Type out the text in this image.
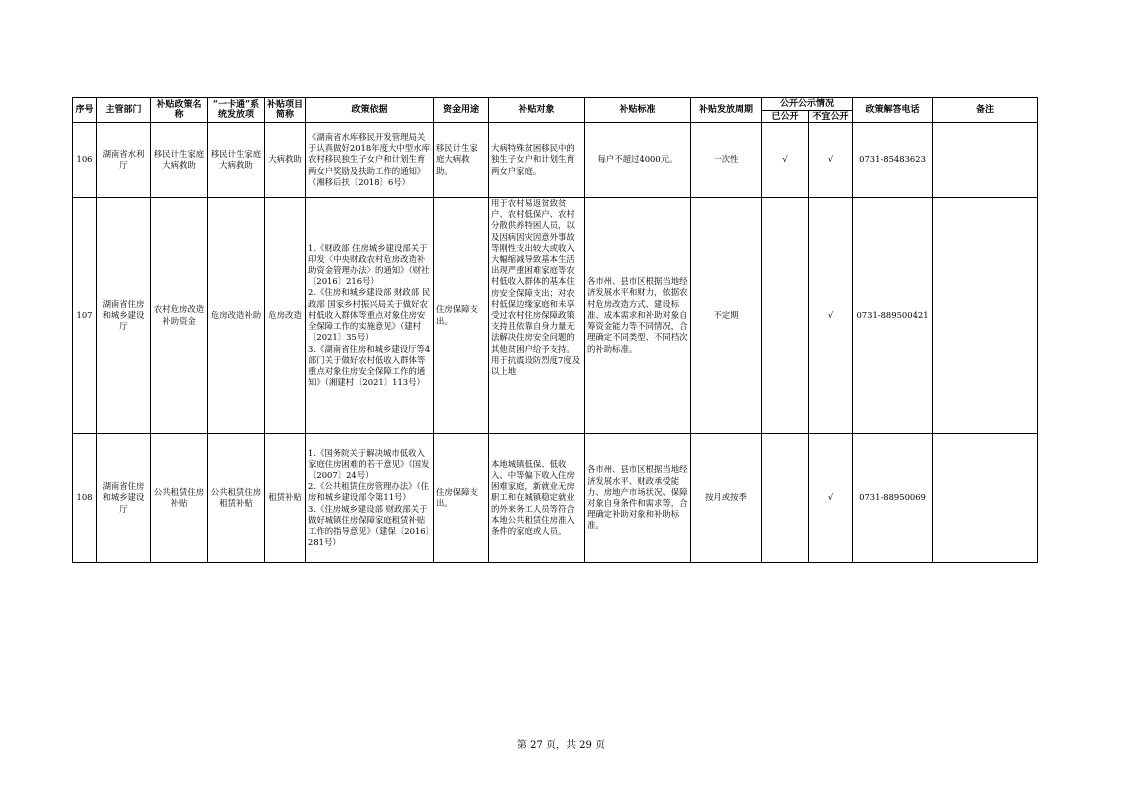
序号	主管部门	补贴政策名称	“一卡通”系统发放项	补贴项目简称	政策依据	资金用途	补贴对象	补贴标准	补贴发放周期	公开公示情况		政策解答电话	备注
										已公开	不宜公开		
106	湖南省水利厅	移民计生家庭大病救助	移民计生家庭大病救助	大病救助	《湖南省水库移民开发管理局关于认真做好2018年度大中型水库农村移民独生子女户和计划生育两女户奖励及扶助工作的通知》（湘移后扶〔2018〕6号）	移民计生家庭大病救助。	大病特殊贫困移民中的独生子女户和计划生育两女户家庭。	每户不超过4000元。	一次性	√	√	0731-85483623	
107	湖南省住房和城乡建设厅	农村危房改造补助资金	危房改造补助	危房改造	1.《财政部 住房城乡建设部关于印发〈中央财政农村危房改造补助资金管理办法〉的通知》（财社〔2016〕216号）
2.《住房和城乡建设部 财政部 民政部 国家乡村振兴局关于做好农村低收入群体等重点对象住房安全保障工作的实施意见》（建村〔2021〕35号）
3.《湖南省住房和城乡建设厅等4部门关于做好农村低收入群体等重点对象住房安全保障工作的通知》（湘建村〔2021〕113号）	住房保障支出。	用于农村易返贫致贫户、农村低保户、农村分散供养特困人员，以及因病因灾因意外事故等刚性支出较大或收入大幅缩减导致基本生活出现严重困难家庭等农村低收入群体的基本住房安全保障支出；对农村低保边缘家庭和未享受过农村住房保障政策支持且依靠自身力量无法解决住房安全问题的其他贫困户给予支持。用于抗震设防烈度7度及以上地	各市州、县市区根据当地经济发展水平和财力，依据农村危房改造方式、建设标准、成本需求和补助对象自筹资金能力等不同情况，合理确定不同类型、不同档次的补助标准。	不定期		√	0731-889500421	
108	湖南省住房和城乡建设厅	公共租赁住房补贴	公共租赁住房租赁补贴	租赁补贴	1.《国务院关于解决城市低收入家庭住房困难的若干意见》（国发〔2007〕24号）
2.《公共租赁住房管理办法》（住房和城乡建设部令第11号）
3.《住房城乡建设部 财政部关于做好城镇住房保障家庭租赁补贴工作的指导意见》（建保〔2016〕281号）	住房保障支出。	本地城镇低保、低收入、中等偏下收入住房困难家庭，新就业无房职工和在城镇稳定就业的外来务工人员等符合本地公共租赁住房准入条件的家庭或人员。	各市州、县市区根据当地经济发展水平、财政承受能力、房地产市场状况、保障对象自身条件和需求等，合理确定补助对象和补助标准。	按月或按季		√	0731-88950069	
第 27 页，共 29 页
